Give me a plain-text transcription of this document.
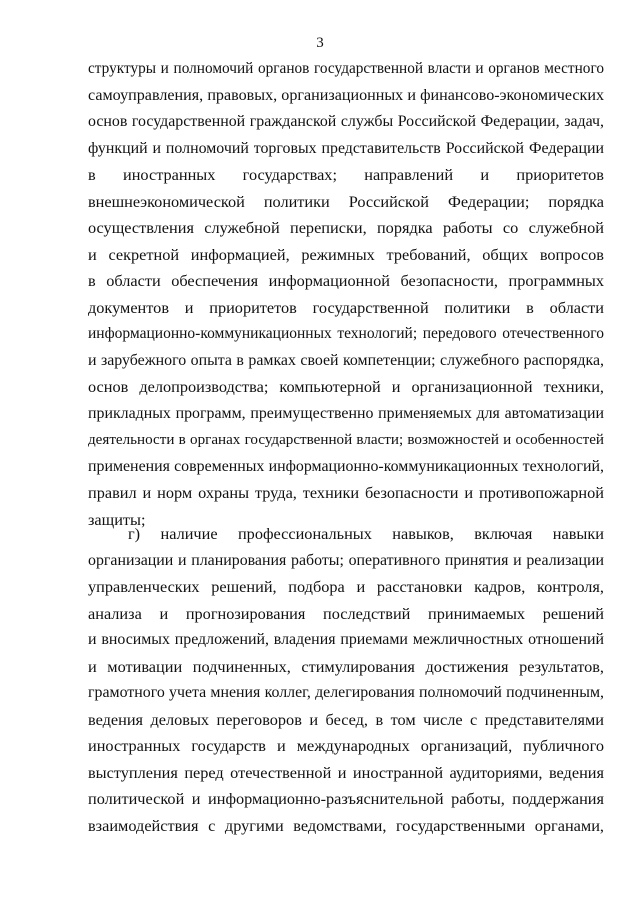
3
структуры и полномочий органов государственной власти и органов местного
самоуправления, правовых, организационных и финансово-экономических
основ государственной гражданской службы Российской Федерации, задач,
функций и полномочий торговых представительств Российской Федерации
в иностранных государствах; направлений и приоритетов
внешнеэкономической политики Российской Федерации; порядка
осуществления служебной переписки, порядка работы со служебной
и секретной информацией, режимных требований, общих вопросов
в области обеспечения информационной безопасности, программных
документов и приоритетов государственной политики в области
информационно-коммуникационных технологий; передового отечественного
и зарубежного опыта в рамках своей компетенции; служебного распорядка,
основ делопроизводства; компьютерной и организационной техники,
прикладных программ, преимущественно применяемых для автоматизации
деятельности в органах государственной власти; возможностей и особенностей
применения современных информационно-коммуникационных технологий,
правил и норм охраны труда, техники безопасности и противопожарной
защиты;
г) наличие профессиональных навыков, включая навыки
организации и планирования работы; оперативного принятия и реализации
управленческих решений, подбора и расстановки кадров, контроля,
анализа и прогнозирования последствий принимаемых решений
и вносимых предложений, владения приемами межличностных отношений
и мотивации подчиненных, стимулирования достижения результатов,
грамотного учета мнения коллег, делегирования полномочий подчиненным,
ведения деловых переговоров и бесед, в том числе с представителями
иностранных государств и международных организаций, публичного
выступления перед отечественной и иностранной аудиториями, ведения
политической и информационно-разъяснительной работы, поддержания
взаимодействия с другими ведомствами, государственными органами,
